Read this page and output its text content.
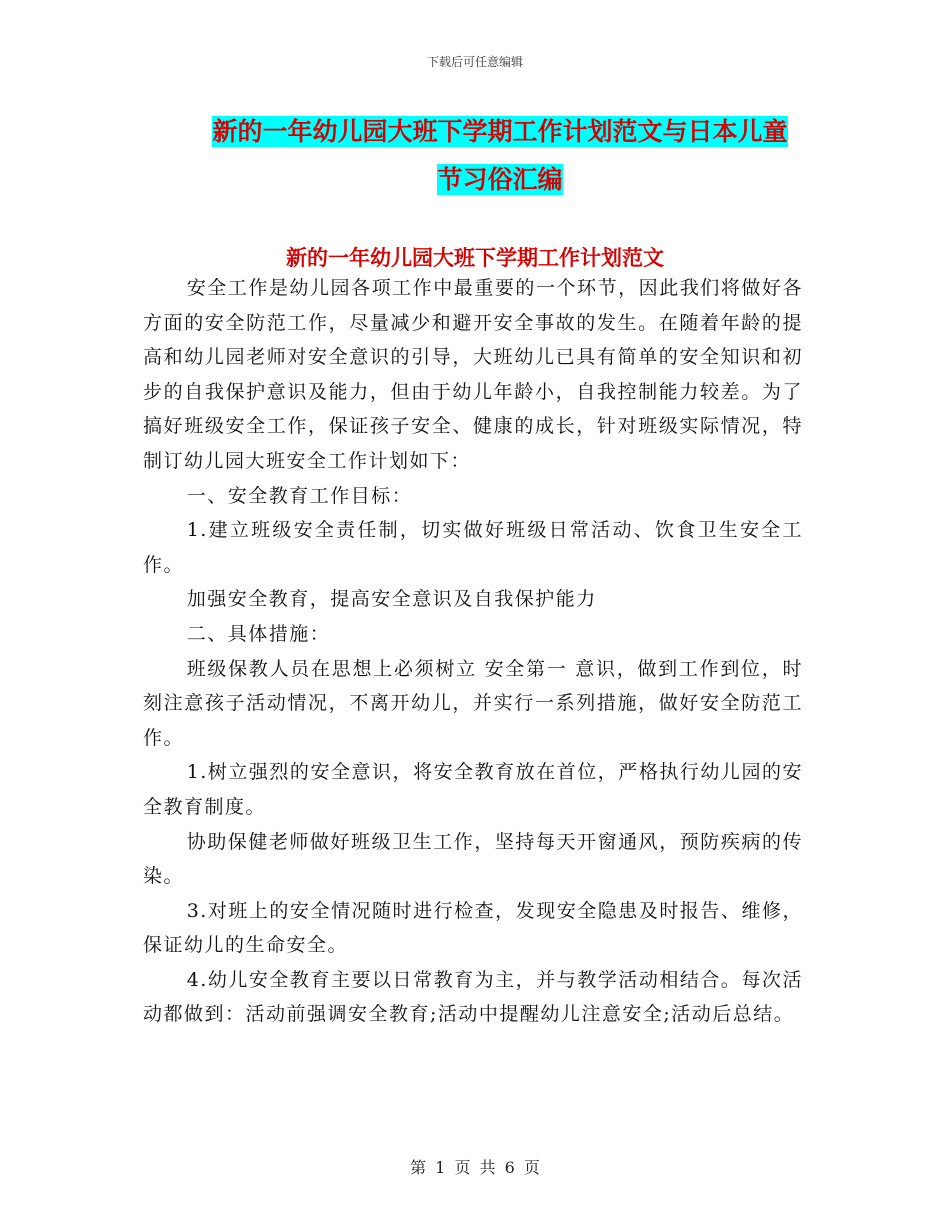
下载后可任意编辑
新的一年幼儿园大班下学期工作计划范文与日本儿童
节习俗汇编
新的一年幼儿园大班下学期工作计划范文

安全工作是幼儿园各项工作中最重要的一个环节，因此我们将做好各方面的安全防范工作，尽量减少和避开安全事故的发生。在随着年龄的提高和幼儿园老师对安全意识的引导，大班幼儿已具有简单的安全知识和初步的自我保护意识及能力，但由于幼儿年龄小，自我控制能力较差。为了搞好班级安全工作，保证孩子安全、健康的成长，针对班级实际情况，特制订幼儿园大班安全工作计划如下：

一、安全教育工作目标：

1.建立班级安全责任制，切实做好班级日常活动、饮食卫生安全工作。

加强安全教育，提高安全意识及自我保护能力

二、具体措施：

班级保教人员在思想上必须树立 安全第一 意识，做到工作到位，时刻注意孩子活动情况，不离开幼儿，并实行一系列措施，做好安全防范工作。

1.树立强烈的安全意识，将安全教育放在首位，严格执行幼儿园的安全教育制度。

协助保健老师做好班级卫生工作，坚持每天开窗通风，预防疾病的传染。

3.对班上的安全情况随时进行检查，发现安全隐患及时报告、维修，保证幼儿的生命安全。

4.幼儿安全教育主要以日常教育为主，并与教学活动相结合。每次活动都做到：活动前强调安全教育;活动中提醒幼儿注意安全;活动后总结。

第 1 页 共 6 页
